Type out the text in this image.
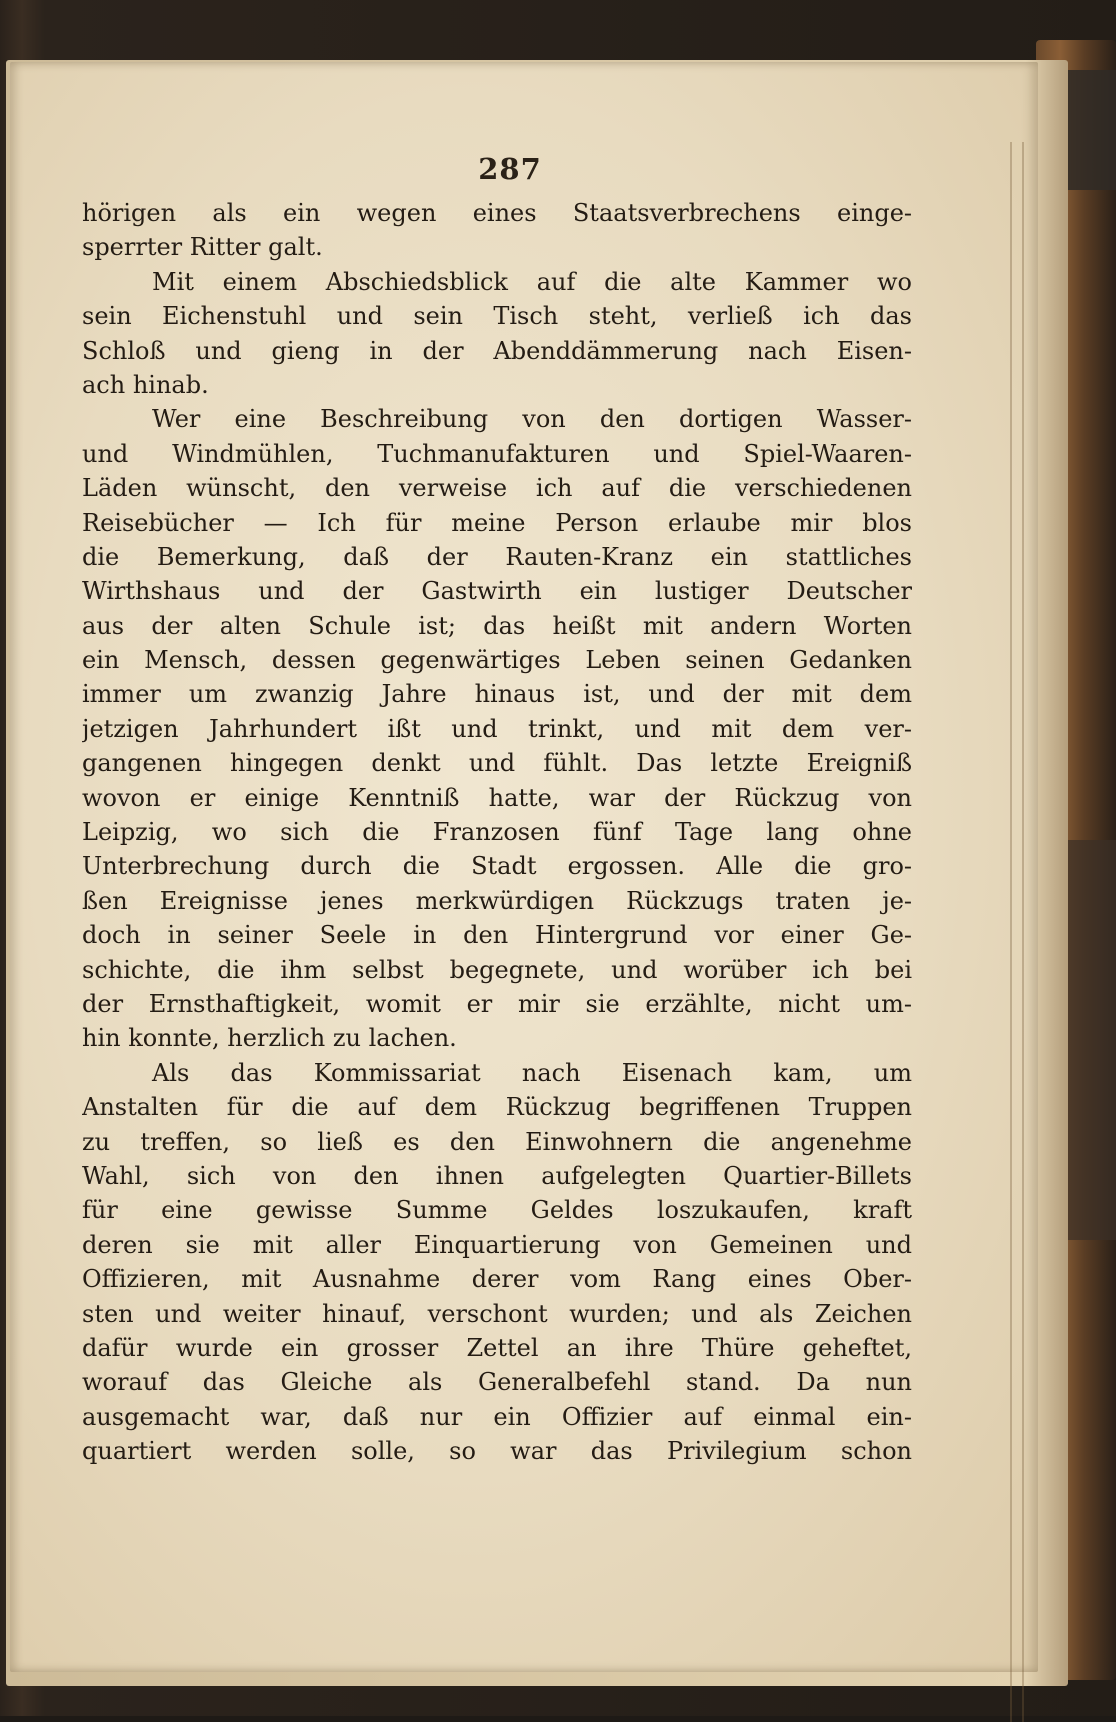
287
hörigen als ein wegen eines Staatsverbrechens einge-
sperrter Ritter galt.
Mit einem Abschiedsblick auf die alte Kammer wo
sein Eichenstuhl und sein Tisch steht, verließ ich das
Schloß und gieng in der Abenddämmerung nach Eisen-
ach hinab.
Wer eine Beschreibung von den dortigen Wasser-
und Windmühlen, Tuchmanufakturen und Spiel-Waaren-
Läden wünscht, den verweise ich auf die verschiedenen
Reisebücher — Ich für meine Person erlaube mir blos
die Bemerkung, daß der Rauten-Kranz ein stattliches
Wirthshaus und der Gastwirth ein lustiger Deutscher
aus der alten Schule ist; das heißt mit andern Worten
ein Mensch, dessen gegenwärtiges Leben seinen Gedanken
immer um zwanzig Jahre hinaus ist, und der mit dem
jetzigen Jahrhundert ißt und trinkt, und mit dem ver-
gangenen hingegen denkt und fühlt. Das letzte Ereigniß
wovon er einige Kenntniß hatte, war der Rückzug von
Leipzig, wo sich die Franzosen fünf Tage lang ohne
Unterbrechung durch die Stadt ergossen. Alle die gro-
ßen Ereignisse jenes merkwürdigen Rückzugs traten je-
doch in seiner Seele in den Hintergrund vor einer Ge-
schichte, die ihm selbst begegnete, und worüber ich bei
der Ernsthaftigkeit, womit er mir sie erzählte, nicht um-
hin konnte, herzlich zu lachen.
Als das Kommissariat nach Eisenach kam, um
Anstalten für die auf dem Rückzug begriffenen Truppen
zu treffen, so ließ es den Einwohnern die angenehme
Wahl, sich von den ihnen aufgelegten Quartier-Billets
für eine gewisse Summe Geldes loszukaufen, kraft
deren sie mit aller Einquartierung von Gemeinen und
Offizieren, mit Ausnahme derer vom Rang eines Ober-
sten und weiter hinauf, verschont wurden; und als Zeichen
dafür wurde ein grosser Zettel an ihre Thüre geheftet,
worauf das Gleiche als Generalbefehl stand. Da nun
ausgemacht war, daß nur ein Offizier auf einmal ein-
quartiert werden solle, so war das Privilegium schon
